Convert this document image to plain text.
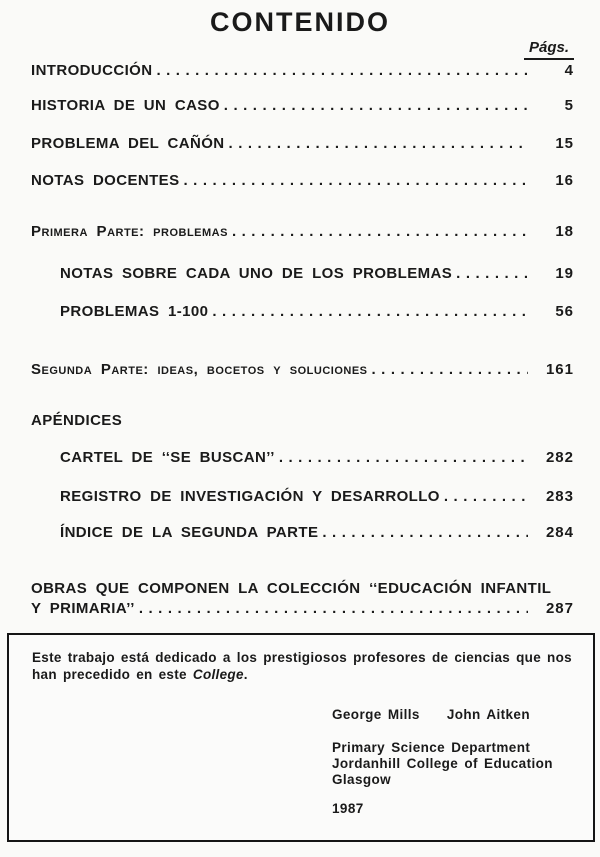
CONTENIDO
Págs.
INTRODUCCIÓN .....	4
HISTORIA DE UN CASO .....	5
PROBLEMA DEL CAÑÓN .....	15
NOTAS DOCENTES .....	16
Primera Parte: problemas .....	18
NOTAS SOBRE CADA UNO DE LOS PROBLEMAS .....	19
PROBLEMAS 1-100 .....	56
Segunda Parte: ideas, bocetos y soluciones .....	161
APÉNDICES
CARTEL DE ‘‘SE BUSCAN’’ .....	282
REGISTRO DE INVESTIGACIÓN Y DESARROLLO .....	283
ÍNDICE DE LA SEGUNDA PARTE .....	284
OBRAS QUE COMPONEN LA COLECCIÓN ‘‘EDUCACIÓN INFANTIL
Y PRIMARIA’’ .....	287

Este trabajo está dedicado a los prestigiosos profesores de ciencias que nos
han precedido en este College.

George Mills John Aitken
Primary Science Department
Jordanhill College of Education
Glasgow
1987
